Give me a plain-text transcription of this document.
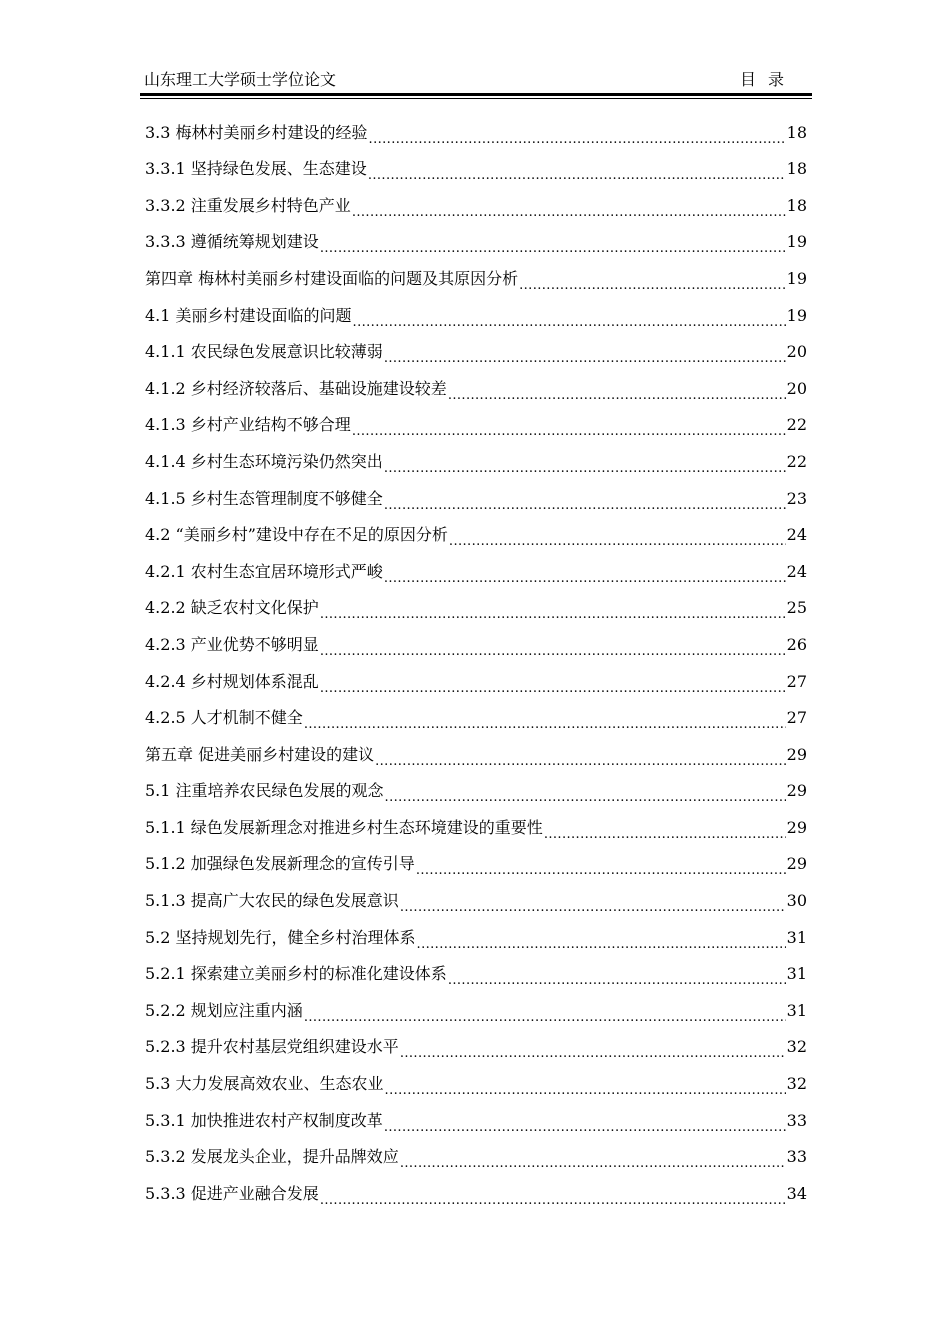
山东理工大学硕士学位论文	目录
3.3 梅林村美丽乡村建设的经验 .....	18
3.3.1 坚持绿色发展、生态建设 .....	18
3.3.2 注重发展乡村特色产业 .....	18
3.3.3 遵循统筹规划建设 .....	19
第四章 梅林村美丽乡村建设面临的问题及其原因分析 .....	19
4.1 美丽乡村建设面临的问题 .....	19
4.1.1 农民绿色发展意识比较薄弱 .....	20
4.1.2 乡村经济较落后、基础设施建设较差 .....	20
4.1.3 乡村产业结构不够合理 .....	22
4.1.4 乡村生态环境污染仍然突出 .....	22
4.1.5 乡村生态管理制度不够健全 .....	23
4.2 “美丽乡村”建设中存在不足的原因分析 .....	24
4.2.1 农村生态宜居环境形式严峻 .....	24
4.2.2 缺乏农村文化保护 .....	25
4.2.3 产业优势不够明显 .....	26
4.2.4 乡村规划体系混乱 .....	27
4.2.5 人才机制不健全 .....	27
第五章 促进美丽乡村建设的建议 .....	29
5.1 注重培养农民绿色发展的观念 .....	29
5.1.1 绿色发展新理念对推进乡村生态环境建设的重要性 .....	29
5.1.2 加强绿色发展新理念的宣传引导 .....	29
5.1.3 提高广大农民的绿色发展意识 .....	30
5.2 坚持规划先行，健全乡村治理体系 .....	31
5.2.1 探索建立美丽乡村的标准化建设体系 .....	31
5.2.2 规划应注重内涵 .....	31
5.2.3 提升农村基层党组织建设水平 .....	32
5.3 大力发展高效农业、生态农业 .....	32
5.3.1 加快推进农村产权制度改革 .....	33
5.3.2 发展龙头企业，提升品牌效应 .....	33
5.3.3 促进产业融合发展 .....	34
